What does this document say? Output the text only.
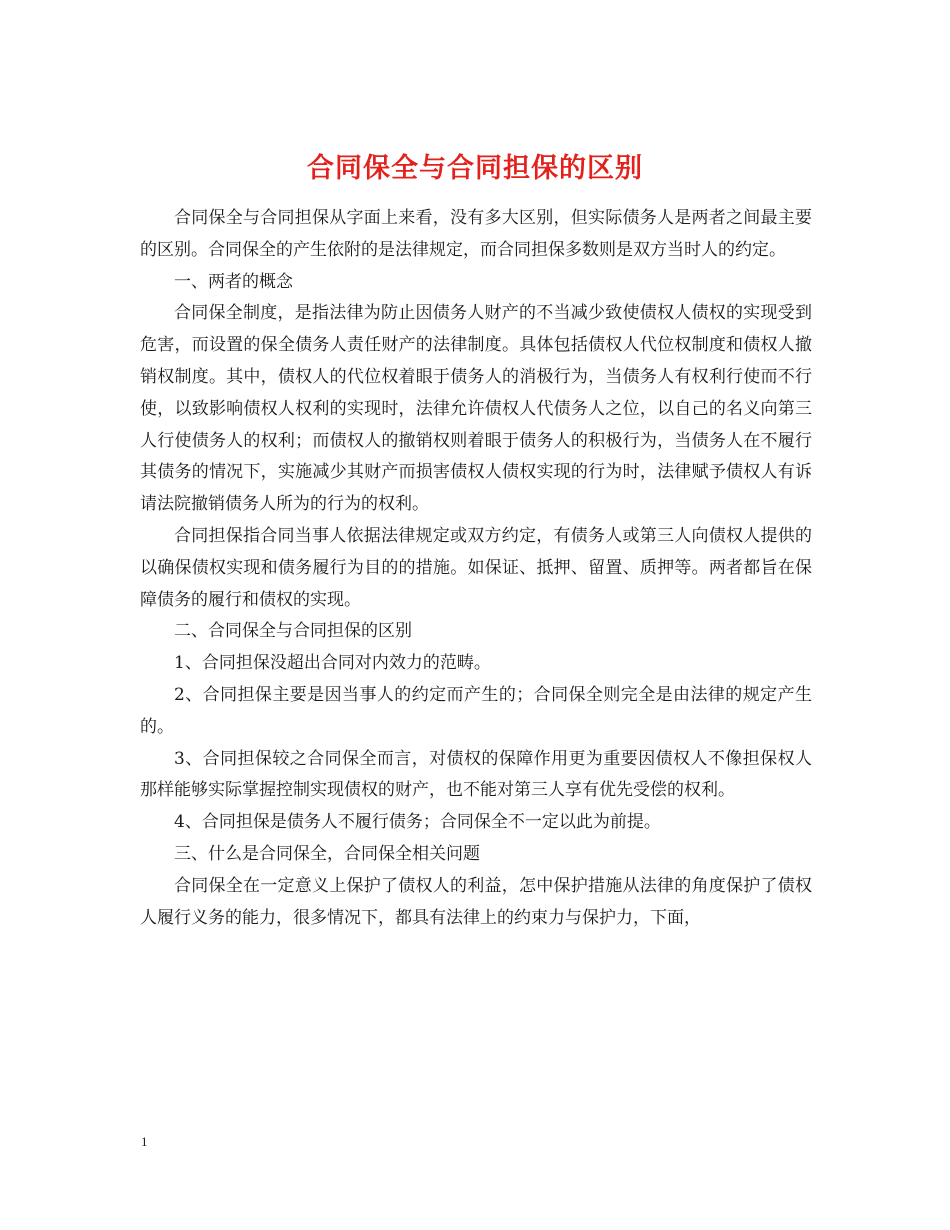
合同保全与合同担保的区别

合同保全与合同担保从字面上来看，没有多大区别，但实际债务人是两者之间最主要的区别。合同保全的产生依附的是法律规定，而合同担保多数则是双方当时人的约定。

一、两者的概念

合同保全制度，是指法律为防止因债务人财产的不当减少致使债权人债权的实现受到危害，而设置的保全债务人责任财产的法律制度。具体包括债权人代位权制度和债权人撤销权制度。其中，债权人的代位权着眼于债务人的消极行为，当债务人有权利行使而不行使，以致影响债权人权利的实现时，法律允许债权人代债务人之位，以自己的名义向第三人行使债务人的权利；而债权人的撤销权则着眼于债务人的积极行为，当债务人在不履行其债务的情况下，实施减少其财产而损害债权人债权实现的行为时，法律赋予债权人有诉请法院撤销债务人所为的行为的权利。

合同担保指合同当事人依据法律规定或双方约定，有债务人或第三人向债权人提供的以确保债权实现和债务履行为目的的措施。如保证、抵押、留置、质押等。两者都旨在保障债务的履行和债权的实现。

二、合同保全与合同担保的区别

1、合同担保没超出合同对内效力的范畴。

2、合同担保主要是因当事人的约定而产生的；合同保全则完全是由法律的规定产生的。

3、合同担保较之合同保全而言，对债权的保障作用更为重要因债权人不像担保权人那样能够实际掌握控制实现债权的财产，也不能对第三人享有优先受偿的权利。

4、合同担保是债务人不履行债务；合同保全不一定以此为前提。

三、什么是合同保全，合同保全相关问题

合同保全在一定意义上保护了债权人的利益，怎中保护措施从法律的角度保护了债权人履行义务的能力，很多情况下，都具有法律上的约束力与保护力，下面，

1
